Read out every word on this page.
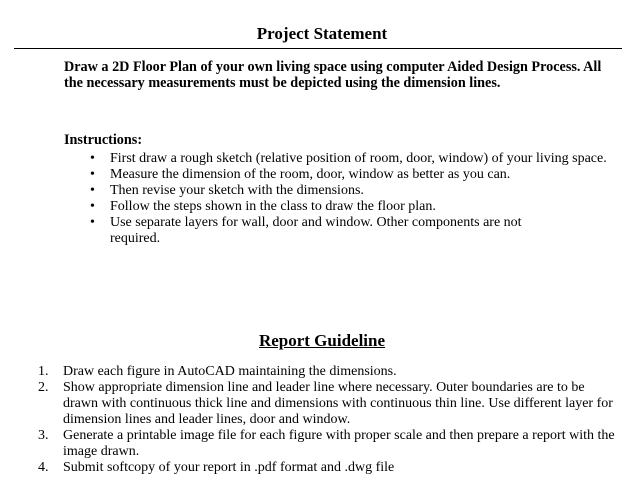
Project Statement
Draw a 2D Floor Plan of your own living space using computer Aided Design Process. All the necessary measurements must be depicted using the dimension lines.
Instructions:
• First draw a rough sketch (relative position of room, door, window) of your living space.
• Measure the dimension of the room, door, window as better as you can.
• Then revise your sketch with the dimensions.
• Follow the steps shown in the class to draw the floor plan.
• Use separate layers for wall, door and window. Other components are not required.
Report Guideline
1. Draw each figure in AutoCAD maintaining the dimensions.
2. Show appropriate dimension line and leader line where necessary. Outer boundaries are to be drawn with continuous thick line and dimensions with continuous thin line. Use different layer for dimension lines and leader lines, door and window.
3. Generate a printable image file for each figure with proper scale and then prepare a report with the image drawn.
4. Submit softcopy of your report in .pdf format and .dwg file
